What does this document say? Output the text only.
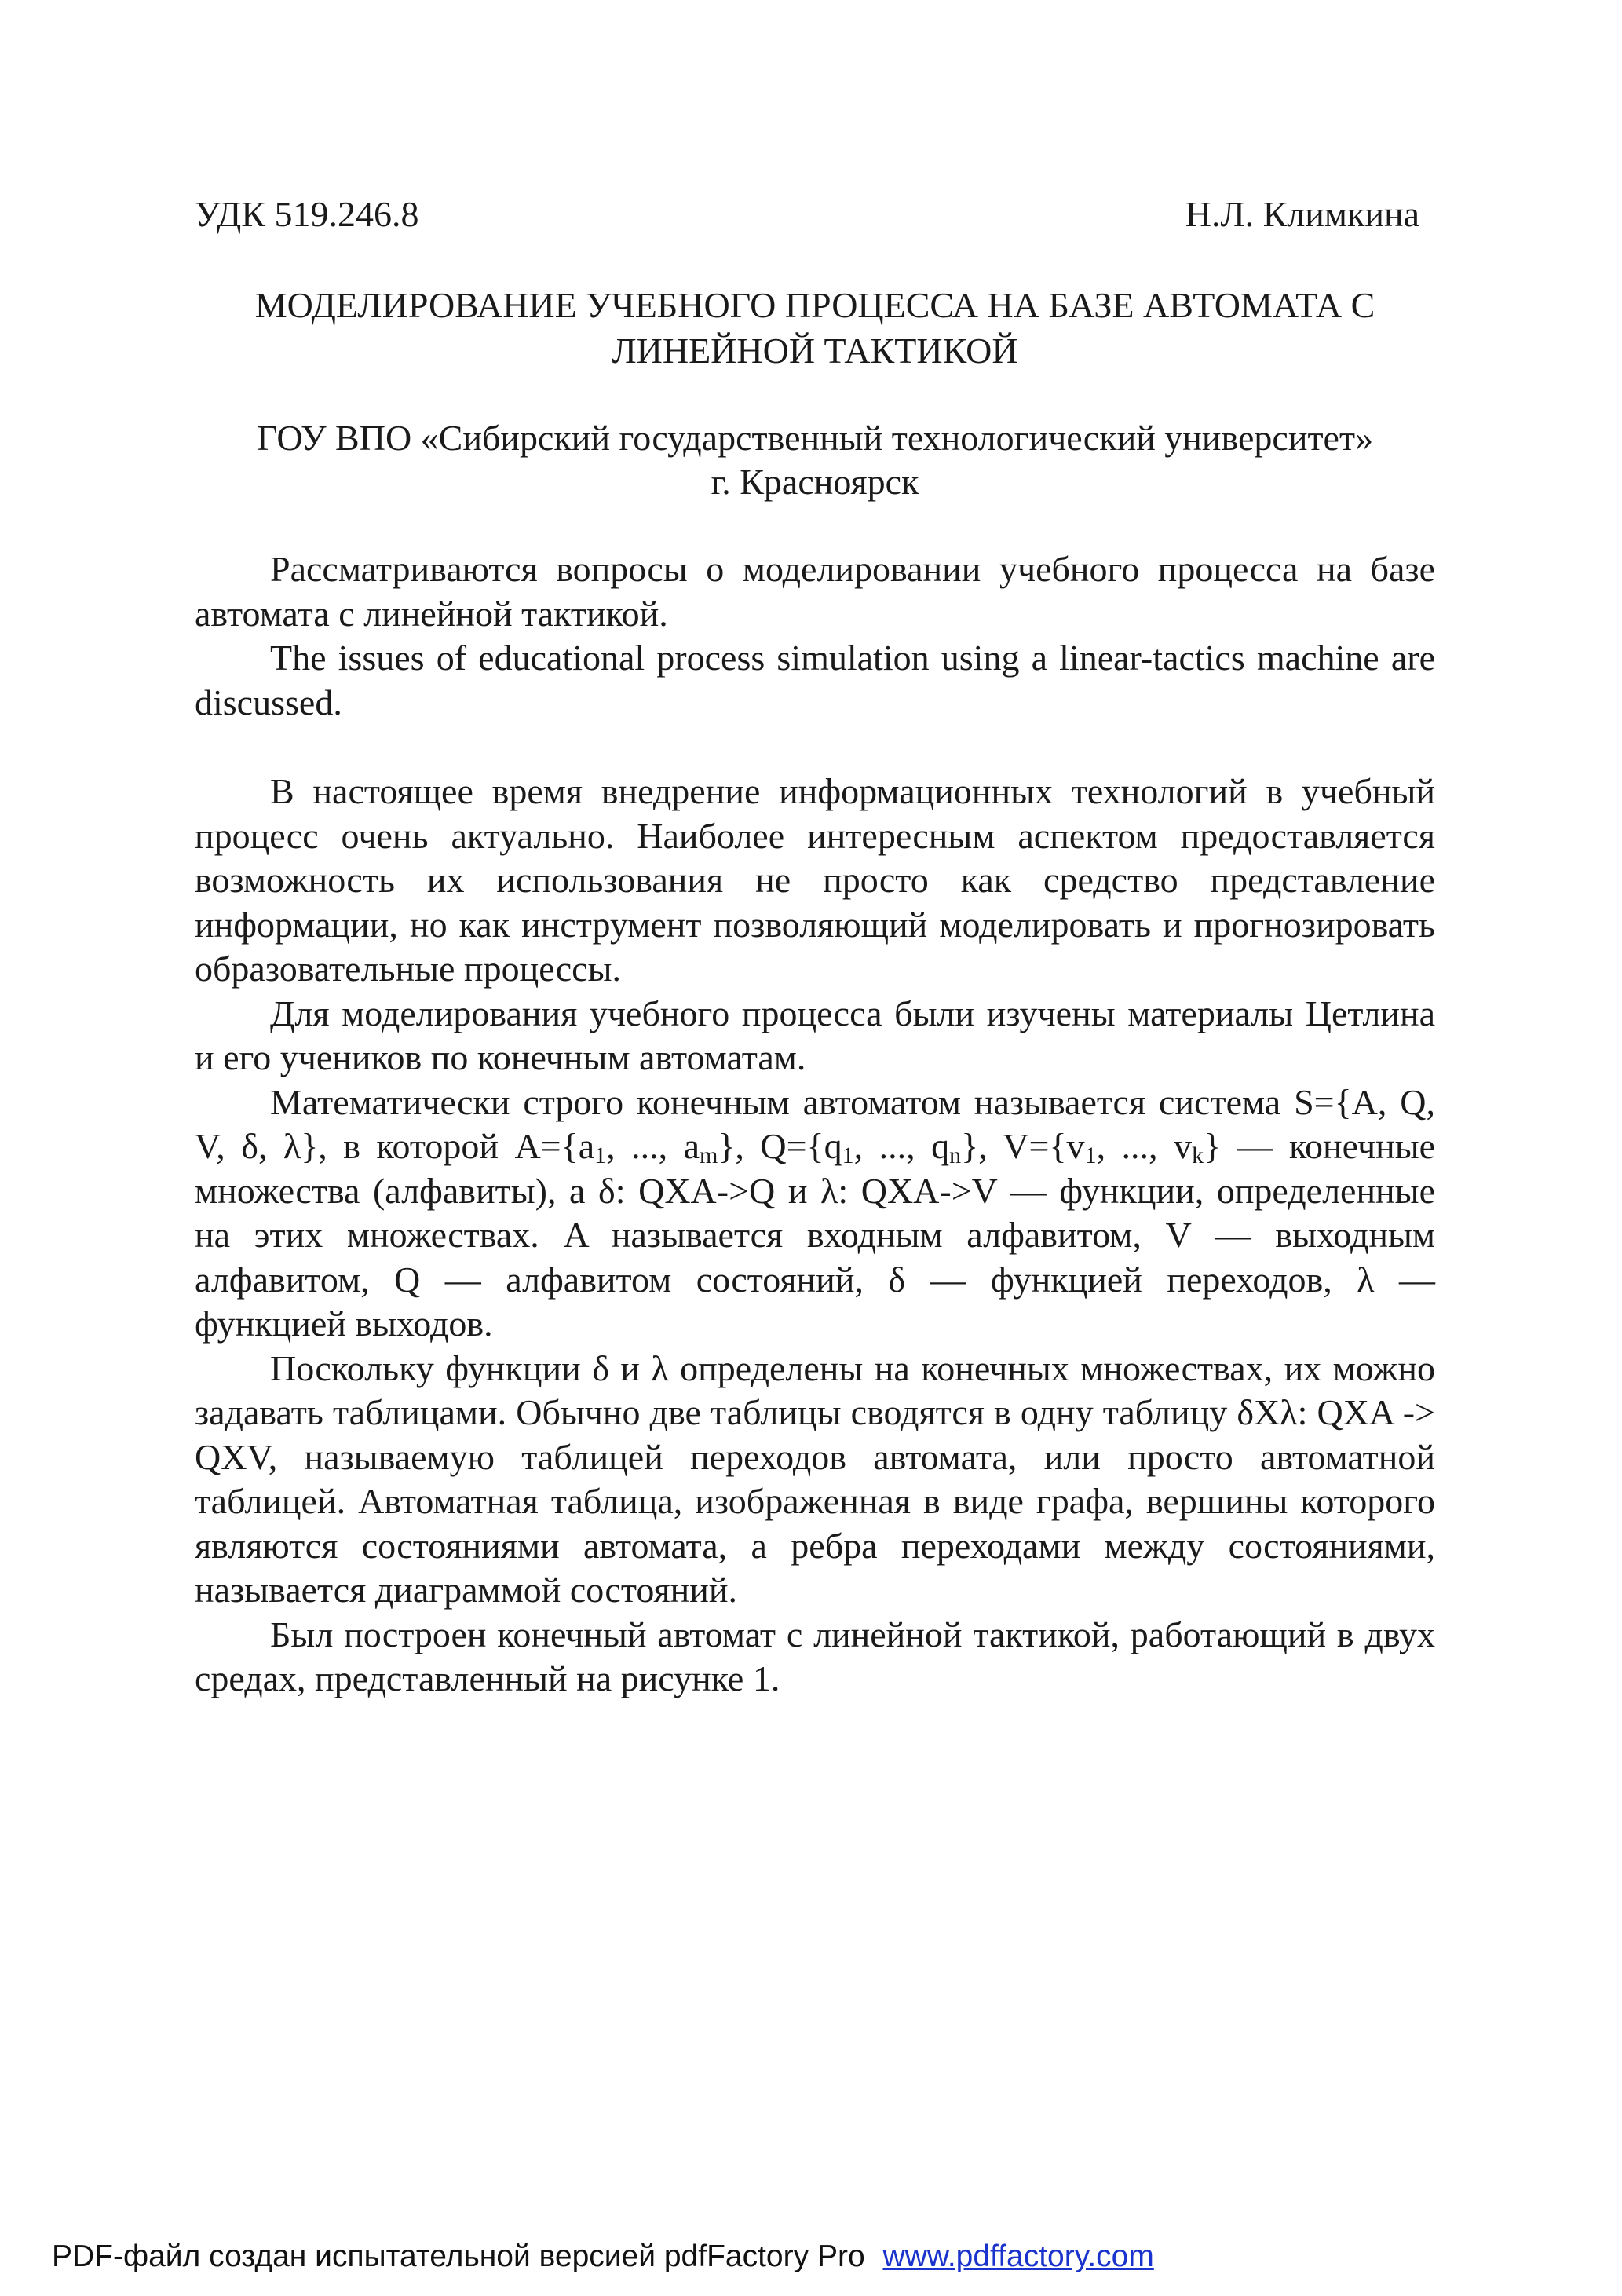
УДК 519.246.8	Н.Л. Климкина
МОДЕЛИРОВАНИЕ УЧЕБНОГО ПРОЦЕССА НА БАЗЕ АВТОМАТА С
ЛИНЕЙНОЙ ТАКТИКОЙ
ГОУ ВПО «Сибирский государственный технологический университет»
г. Красноярск

Рассматриваются вопросы о моделировании учебного процесса на базе автомата с линейной тактикой.

The issues of educational process simulation using a linear-tactics machine are discussed.

В настоящее время внедрение информационных технологий в учебный процесс очень актуально. Наиболее интересным аспектом предоставляется возможность их использования не просто как средство представление информации, но как инструмент позволяющий моделировать и прогнозировать образовательные процессы.

Для моделирования учебного процесса были изучены материалы Цетлина и его учеников по конечным автоматам.

Математически строго конечным автоматом называется система S={A, Q, V, δ, λ}, в которой $A=\{a_1$, ..., $a_m$}, $Q=\{q_1$, ..., $q_n$}, $V=\{v_1$, ..., $v_k$} — конечные множества (алфавиты), а δ: QXA->Q и λ: QXA->V — функции, определенные на этих множествах. A называется входным алфавитом, V — выходным алфавитом, Q — алфавитом состояний, δ — функцией переходов, λ — функцией выходов.

Поскольку функции δ и λ определены на конечных множествах, их можно задавать таблицами. Обычно две таблицы сводятся в одну таблицу δXλ: QXA -> QXV, называемую таблицей переходов автомата, или просто автоматной таблицей. Автоматная таблица, изображенная в виде графа, вершины которого являются состояниями автомата, а ребра переходами между состояниями, называется диаграммой состояний.

Был построен конечный автомат с линейной тактикой, работающий в двух средах, представленный на рисунке 1.

PDF-файл создан испытательной версией pdfFactory Pro www.pdffactory.com
